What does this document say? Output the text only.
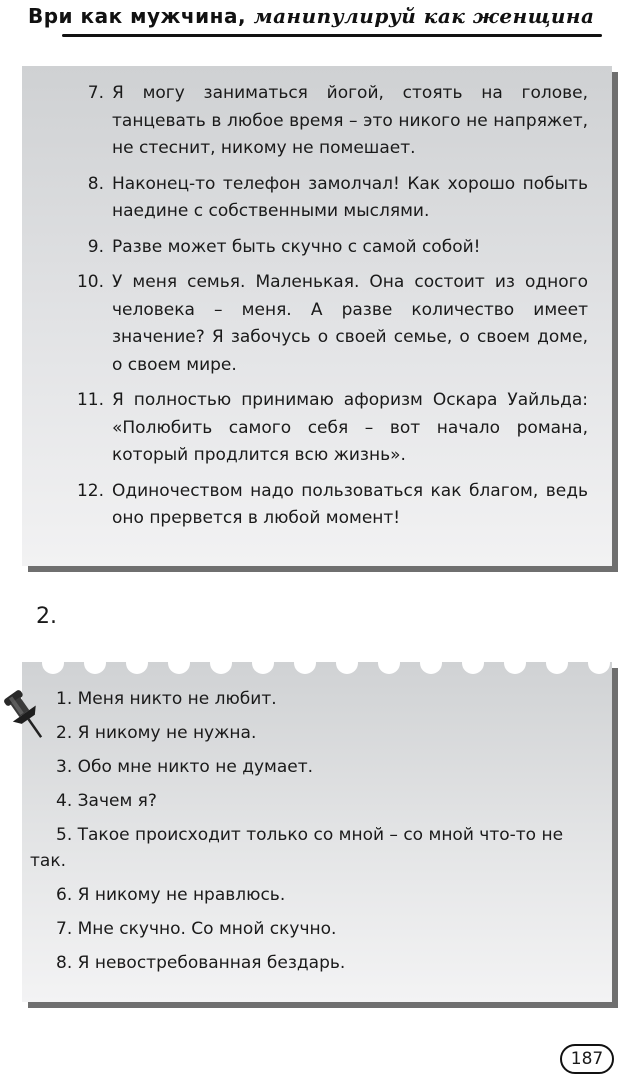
Ври как мужчина, манипулируй как женщина
7. Я могу заниматься йогой, стоять на голове, танцевать в любое время – это никого не напряжет, не стеснит, никому не помешает.
8. Наконец-то телефон замолчал! Как хорошо побыть наедине с собственными мыслями.
9. Разве может быть скучно с самой собой!
10. У меня семья. Маленькая. Она состоит из одного человека – меня. А разве количество имеет значение? Я забочусь о своей семье, о своем доме, о своем мире.
11. Я полностью принимаю афоризм Оскара Уайльда: «Полюбить самого себя – вот начало романа, который продлится всю жизнь».
12. Одиночеством надо пользоваться как благом, ведь оно прервется в любой момент!
2.
1. Меня никто не любит.
2. Я никому не нужна.
3. Обо мне никто не думает.
4. Зачем я?
5. Такое происходит только со мной – со мной что-то не так.
6. Я никому не нравлюсь.
7. Мне скучно. Со мной скучно.
8. Я невостребованная бездарь.
187
